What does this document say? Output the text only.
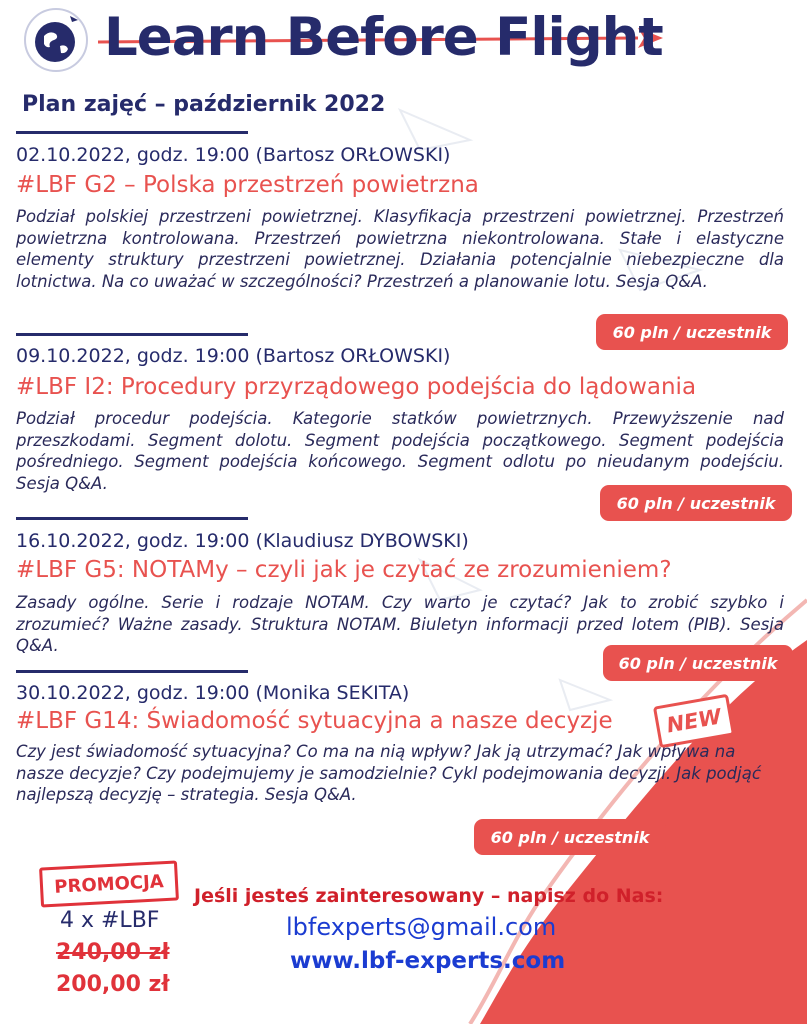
Learn Before Flight
Plan zajęć – październik 2022
02.10.2022, godz. 19:00 (Bartosz ORŁOWSKI)
#LBF G2 – Polska przestrzeń powietrzna
Podział polskiej przestrzeni powietrznej. Klasyfikacja przestrzeni powietrznej. Przestrzeń powietrzna kontrolowana. Przestrzeń powietrzna niekontrolowana. Stałe i elastyczne elementy struktury przestrzeni powietrznej. Działania potencjalnie niebezpieczne dla lotnictwa. Na co uważać w szczególności? Przestrzeń a planowanie lotu. Sesja Q&A.
60 pln / uczestnik
09.10.2022, godz. 19:00 (Bartosz ORŁOWSKI)
#LBF I2: Procedury przyrządowego podejścia do lądowania
Podział procedur podejścia. Kategorie statków powietrznych. Przewyższenie nad przeszkodami. Segment dolotu. Segment podejścia początkowego. Segment podejścia pośredniego. Segment podejścia końcowego. Segment odlotu po nieudanym podejściu. Sesja Q&A.
60 pln / uczestnik
16.10.2022, godz. 19:00 (Klaudiusz DYBOWSKI)
#LBF G5: NOTAMy – czyli jak je czytać ze zrozumieniem?
Zasady ogólne. Serie i rodzaje NOTAM. Czy warto je czytać? Jak to zrobić szybko i zrozumieć? Ważne zasady. Struktura NOTAM. Biuletyn informacji przed lotem (PIB). Sesja Q&A.
60 pln / uczestnik
30.10.2022, godz. 19:00 (Monika SEKITA)
#LBF G14: Świadomość sytuacyjna a nasze decyzje	NEW
Czy jest świadomość sytuacyjna? Co ma na nią wpływ? Jak ją utrzymać? Jak wpływa na nasze decyzje? Czy podejmujemy je samodzielnie? Cykl podejmowania decyzji. Jak podjąć najlepszą decyzję – strategia. Sesja Q&A.
60 pln / uczestnik
PROMOCJA
4 x #LBF
240,00 zł
200,00 zł
Jeśli jesteś zainteresowany – napisz do Nas:
lbfexperts@gmail.com
www.lbf-experts.com
